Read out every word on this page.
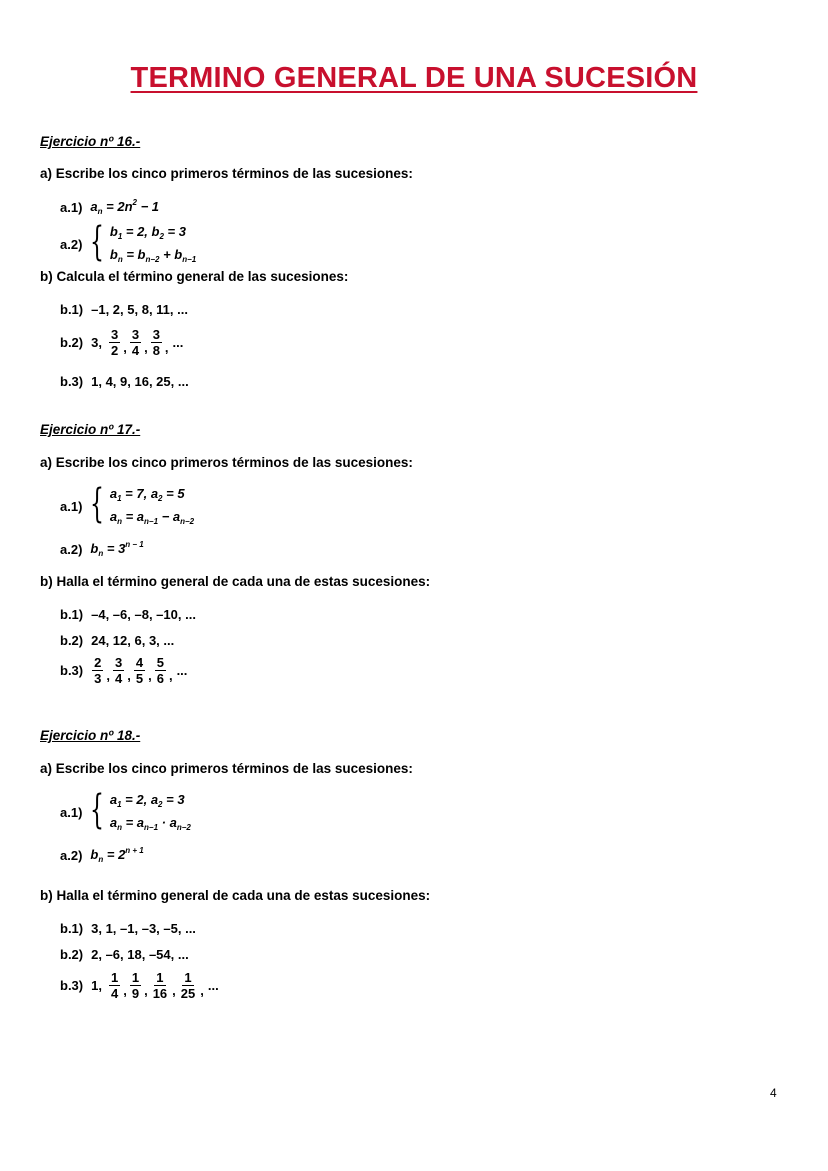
TERMINO GENERAL DE UNA SUCESIÓN
Ejercicio nº 16.-
a) Escribe los cinco primeros términos de las sucesiones:
a.1) $a_n = 2n^2 - 1$
a.2) { $b_1 = 2$, $b_2 = 3$
$b_n = b_{n-2} + b_{n-1}$
b) Calcula el término general de las sucesiones:
b.1) –1, 2, 5, 8, 11, ...
b.2) 3, $\frac{3}{2}$ , $\frac{3}{4}$ , $\frac{3}{8}$ , ...
b.3) 1, 4, 9, 16, 25, ...
Ejercicio nº 17.-
a) Escribe los cinco primeros términos de las sucesiones:
a.1) { $a_1 = 7$, $a_2 = 5$
$a_n = a_{n-1} - a_{n-2}$
a.2) $b_n = 3^{n - 1}$
b) Halla el término general de cada una de estas sucesiones:
b.1) –4, –6, –8, –10, ...
b.2) 24, 12, 6, 3, ...
$b.3) \frac{2}{3}$ , $\frac{3}{4}$ , $\frac{4}{5}$ , $\frac{5}{6}$ , ...
Ejercicio nº 18.-
a) Escribe los cinco primeros términos de las sucesiones:
a.1) { $a_1 = 2$, $a_2 = 3$
$a_n = a_{n-1} \cdot a_{n-2}$
a.2) $b_n = 2^{n + 1}$
b) Halla el término general de cada una de estas sucesiones:
b.1) 3, 1, –1, –3, –5, ...
b.2) 2, –6, 18, –54, ...
b.3) 1, $\frac{1}{4}$ , $\frac{1}{9}$ , $\frac{1}{16}$ , $\frac{1}{25}$ , ...
4
